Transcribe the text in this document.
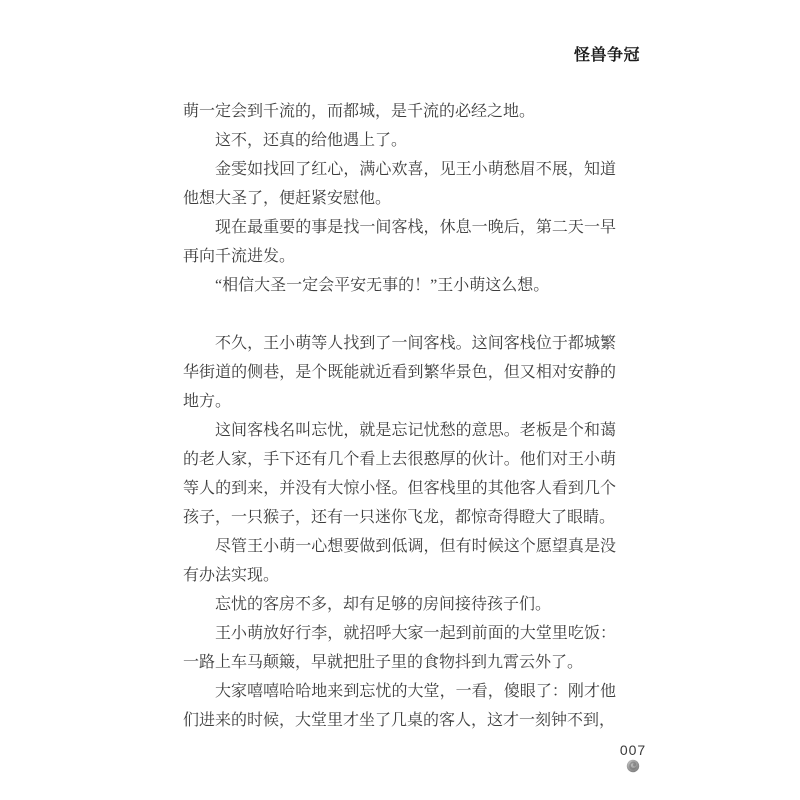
怪兽争冠

萌一定会到千流的，而都城，是千流的必经之地。

这不，还真的给他遇上了。

金雯如找回了红心，满心欢喜，见王小萌愁眉不展，知道他想大圣了，便赶紧安慰他。

现在最重要的事是找一间客栈，休息一晚后，第二天一早再向千流进发。

“相信大圣一定会平安无事的！”王小萌这么想。

不久，王小萌等人找到了一间客栈。这间客栈位于都城繁华街道的侧巷，是个既能就近看到繁华景色，但又相对安静的地方。

这间客栈名叫忘忧，就是忘记忧愁的意思。老板是个和蔼的老人家，手下还有几个看上去很憨厚的伙计。他们对王小萌等人的到来，并没有大惊小怪。但客栈里的其他客人看到几个孩子，一只猴子，还有一只迷你飞龙，都惊奇得瞪大了眼睛。

尽管王小萌一心想要做到低调，但有时候这个愿望真是没有办法实现。

忘忧的客房不多，却有足够的房间接待孩子们。

王小萌放好行李，就招呼大家一起到前面的大堂里吃饭：一路上车马颠簸，早就把肚子里的食物抖到九霄云外了。

大家嘻嘻哈哈地来到忘忧的大堂，一看，傻眼了：刚才他们进来的时候，大堂里才坐了几桌的客人，这才一刻钟不到，

007
